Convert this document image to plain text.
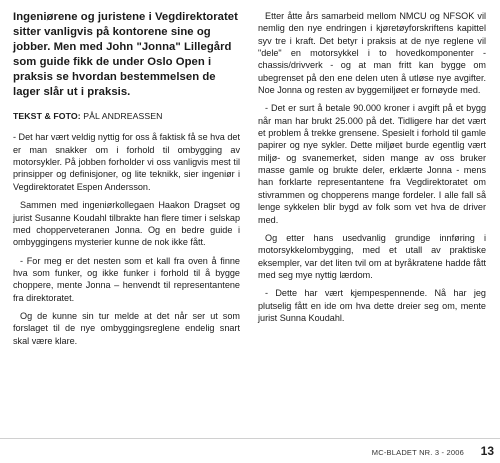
Ingeniørene og juristene i Vegdirektoratet sitter vanligvis på kontorene sine og jobber. Men med John "Jonna" Lillegård som guide fikk de under Oslo Open i praksis se hvordan bestemmelsen de lager slår ut i praksis.

TEKST & FOTO: PÅL ANDREASSEN

- Det har vært veldig nyttig for oss å faktisk få se hva det er man snakker om i forhold til ombygging av motorsykler. På jobben forholder vi oss vanligvis mest til prinsipper og definisjoner, og lite teknikk, sier ingeniør i Vegdirektoratet Espen Andersson.

Sammen med ingeniørkollegaen Haakon Dragset og jurist Susanne Koudahl tilbrakte han flere timer i selskap med chopperveteranen Jonna. Og en bedre guide i ombyggingens mysterier kunne de nok ikke fått.

- For meg er det nesten som et kall fra oven å finne hva som funker, og ikke funker i forhold til å bygge choppere, mente Jonna – henvendt til representantene fra direktoratet.

Og de kunne sin tur melde at det når ser ut som forslaget til de nye ombyggingsreglene endelig snart skal være klare.

Etter åtte års samarbeid mellom NMCU og NFSOK vil nemlig den nye endringen i kjøretøyforskriftens kapittel syv tre i kraft. Det betyr i praksis at de nye reglene vil "dele" en motorsykkel i to hovedkomponenter - chassis/drivverk - og at man fritt kan bygge om ubegrenset på den ene delen uten å utløse nye avgifter. Noe Jonna og resten av byggemiljøet er fornøyde med.

- Det er surt å betale 90.000 kroner i avgift på et bygg når man har brukt 25.000 på det. Tidligere har det vært et problem å trekke grensene. Spesielt i forhold til gamle papirer og nye sykler. Dette miljøet burde egentlig vært miljø- og svanemerket, siden mange av oss bruker masse gamle og brukte deler, erklærte Jonna - mens han forklarte representantene fra Vegdirektoratet om stivrammen og chopperens mange fordeler. I alle fall så lenge sykkelen blir bygd av folk som vet hva de driver med.

Og etter hans usedvanlig grundige innføring i motorsykkelombygging, med et utall av praktiske eksempler, var det liten tvil om at byråkratene hadde fått med seg mye nyttig lærdom.

- Dette har vært kjempespennende. Nå har jeg plutselig fått en ide om hva dette dreier seg om, mente jurist Sunna Koudahl.

MC-BLADET NR. 3 - 2006 13
